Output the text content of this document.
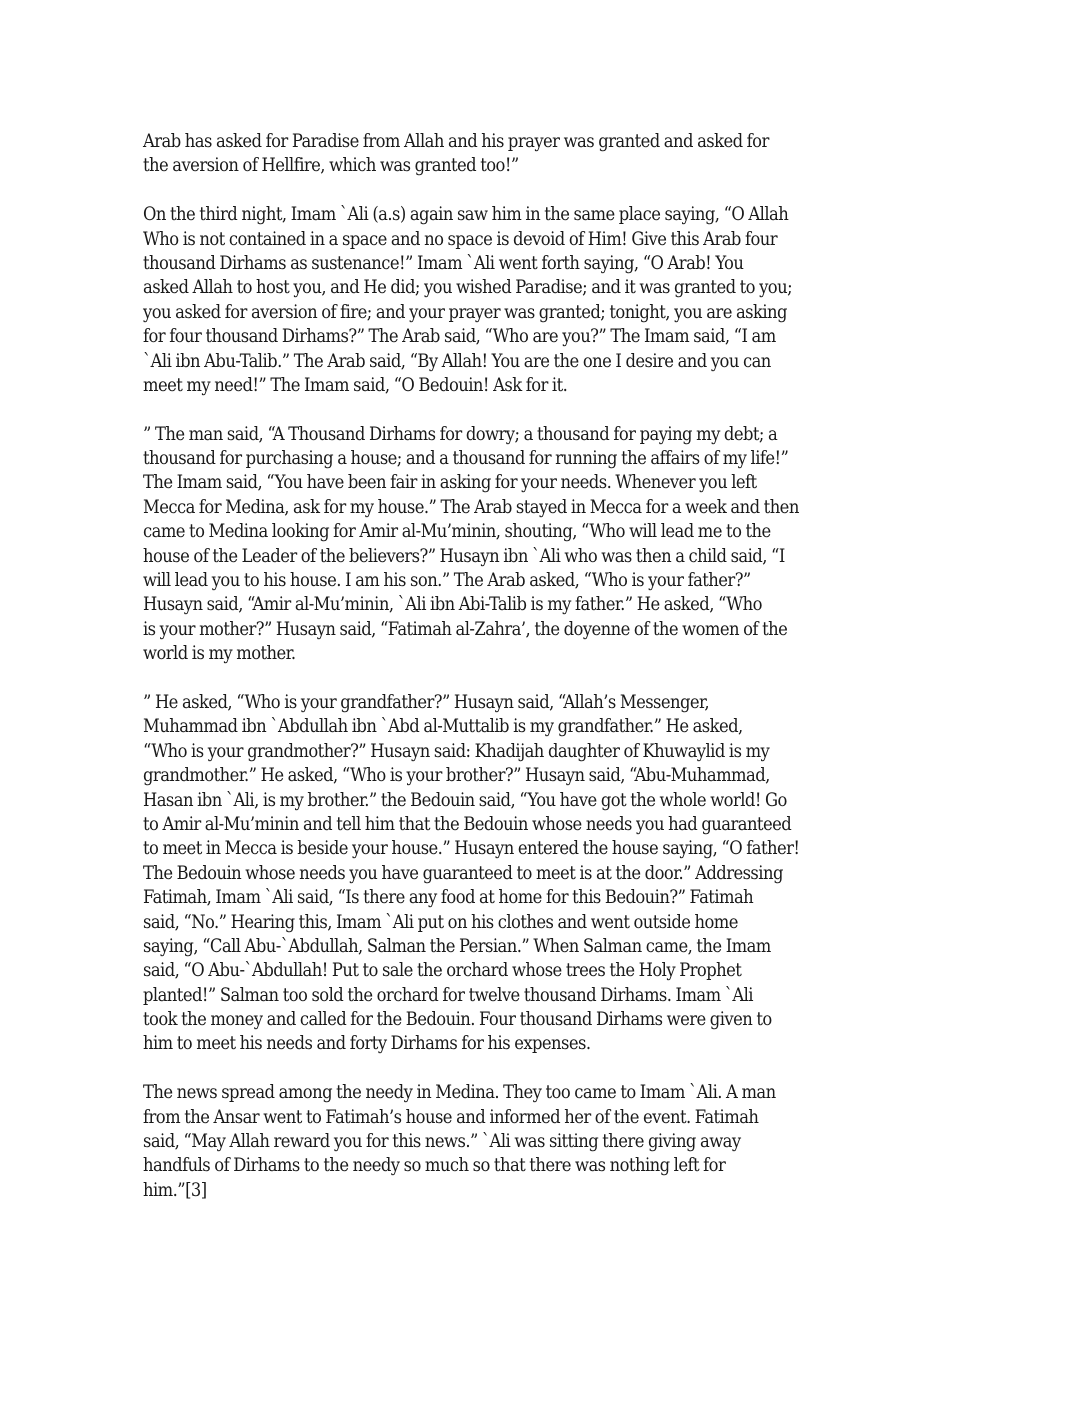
Arab has asked for Paradise from Allah and his prayer was granted and asked for
the aversion of Hellfire, which was granted too!”

On the third night, Imam `Ali (a.s) again saw him in the same place saying, “O Allah
Who is not contained in a space and no space is devoid of Him! Give this Arab four
thousand Dirhams as sustenance!” Imam `Ali went forth saying, “O Arab! You
asked Allah to host you, and He did; you wished Paradise; and it was granted to you;
you asked for aversion of fire; and your prayer was granted; tonight, you are asking
for four thousand Dirhams?” The Arab said, “Who are you?” The Imam said, “I am
`Ali ibn Abu-Talib.” The Arab said, “By Allah! You are the one I desire and you can
meet my need!” The Imam said, “O Bedouin! Ask for it.

” The man said, “A Thousand Dirhams for dowry; a thousand for paying my debt; a
thousand for purchasing a house; and a thousand for running the affairs of my life!”
The Imam said, “You have been fair in asking for your needs. Whenever you left
Mecca for Medina, ask for my house.” The Arab stayed in Mecca for a week and then
came to Medina looking for Amir al-Mu’minin, shouting, “Who will lead me to the
house of the Leader of the believers?” Husayn ibn `Ali who was then a child said, “I
will lead you to his house. I am his son.” The Arab asked, “Who is your father?”
Husayn said, “Amir al-Mu’minin, `Ali ibn Abi-Talib is my father.” He asked, “Who
is your mother?” Husayn said, “Fatimah al-Zahra’, the doyenne of the women of the
world is my mother.

” He asked, “Who is your grandfather?” Husayn said, “Allah’s Messenger,
Muhammad ibn `Abdullah ibn `Abd al-Muttalib is my grandfather.” He asked,
“Who is your grandmother?” Husayn said: Khadijah daughter of Khuwaylid is my
grandmother.” He asked, “Who is your brother?” Husayn said, “Abu-Muhammad,
Hasan ibn `Ali, is my brother.” the Bedouin said, “You have got the whole world! Go
to Amir al-Mu’minin and tell him that the Bedouin whose needs you had guaranteed
to meet in Mecca is beside your house.” Husayn entered the house saying, “O father!
The Bedouin whose needs you have guaranteed to meet is at the door.” Addressing
Fatimah, Imam `Ali said, “Is there any food at home for this Bedouin?” Fatimah
said, “No.” Hearing this, Imam `Ali put on his clothes and went outside home
saying, “Call Abu-`Abdullah, Salman the Persian.” When Salman came, the Imam
said, “O Abu-`Abdullah! Put to sale the orchard whose trees the Holy Prophet
planted!” Salman too sold the orchard for twelve thousand Dirhams. Imam `Ali
took the money and called for the Bedouin. Four thousand Dirhams were given to
him to meet his needs and forty Dirhams for his expenses.

The news spread among the needy in Medina. They too came to Imam `Ali. A man
from the Ansar went to Fatimah’s house and informed her of the event. Fatimah
said, “May Allah reward you for this news.” `Ali was sitting there giving away
handfuls of Dirhams to the needy so much so that there was nothing left for
him.”[3]
